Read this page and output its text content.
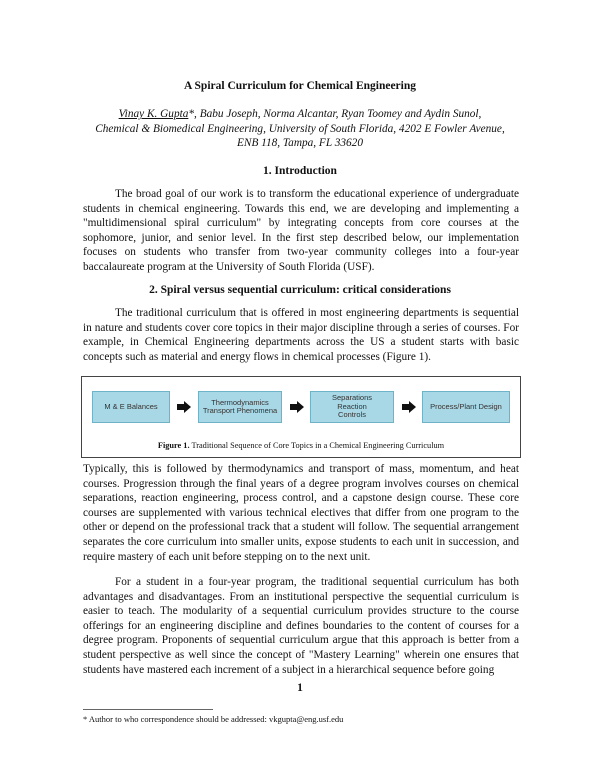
A Spiral Curriculum for Chemical Engineering
Vinay K. Gupta*, Babu Joseph, Norma Alcantar, Ryan Toomey and Aydin Sunol,
Chemical & Biomedical Engineering, University of South Florida, 4202 E Fowler Avenue,
ENB 118, Tampa, FL 33620
1. Introduction

The broad goal of our work is to transform the educational experience of undergraduate students in chemical engineering. Towards this end, we are developing and implementing a "multidimensional spiral curriculum" by integrating concepts from core courses at the sophomore, junior, and senior level. In the first step described below, our implementation focuses on students who transfer from two-year community colleges into a four-year baccalaureate program at the University of South Florida (USF).

2. Spiral versus sequential curriculum: critical considerations

The traditional curriculum that is offered in most engineering departments is sequential in nature and students cover core topics in their major discipline through a series of courses. For example, in Chemical Engineering departments across the US a student starts with basic concepts such as material and energy flows in chemical processes (Figure 1).

M & E Balances	Thermodynamics
Transport Phenomena
Separations
Reaction
Controls
Process/Plant Design
Figure 1. Traditional Sequence of Core Topics in a Chemical Engineering Curriculum

Typically, this is followed by thermodynamics and transport of mass, momentum, and heat courses. Progression through the final years of a degree program involves courses on chemical separations, reaction engineering, process control, and a capstone design course. These core courses are supplemented with various technical electives that differ from one program to the other or depend on the professional track that a student will follow. The sequential arrangement separates the core curriculum into smaller units, expose students to each unit in succession, and require mastery of each unit before stepping on to the next unit.

For a student in a four-year program, the traditional sequential curriculum has both advantages and disadvantages. From an institutional perspective the sequential curriculum is easier to teach. The modularity of a sequential curriculum provides structure to the course offerings for an engineering discipline and defines boundaries to the content of courses for a degree program. Proponents of sequential curriculum argue that this approach is better from a student perspective as well since the concept of "Mastery Learning" wherein one ensures that students have mastered each increment of a subject in a hierarchical sequence before going

1
* Author to who correspondence should be addressed: vkgupta@eng.usf.edu
